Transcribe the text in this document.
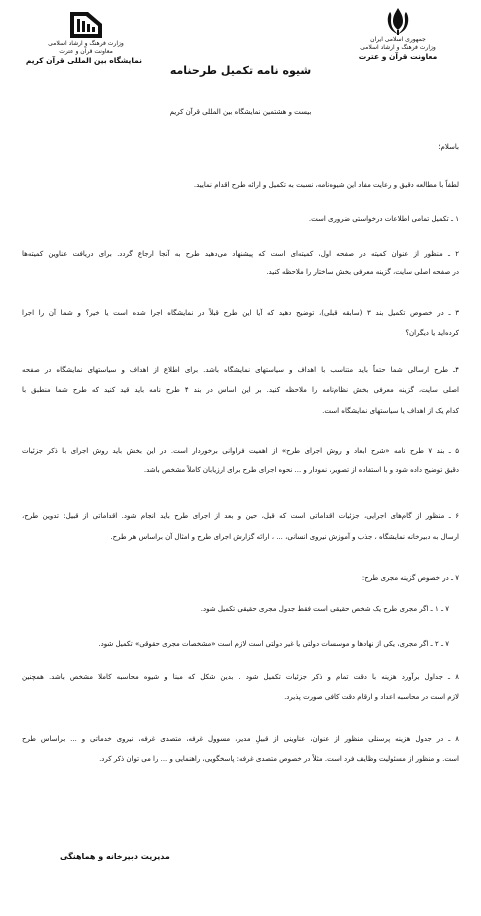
جمهوری اسلامی ایران
وزارت فرهنگ و ارشاد اسلامی
معاونت قرآن و عترت
وزارت فرهنگ و ارشاد اسلامی
معاونت قرآن و عترت
نمایشگاه بین المللی قرآن کریم
شیوه نامه تکمیل طرحنامه
بیست و هشتمین نمایشگاه بین المللی قرآن کریم
باسلام؛
لطفاً با مطالعه دقیق و رعایت مفاد این شیوه‌نامه، نسبت به تکمیل و ارائه طرح اقدام نمایید.
۱ ـ تکمیل تمامی اطلاعات درخواستی ضروری است.
۲ ـ منظور از عنوان کمیته در صفحه اول، کمیته‌ای است که پیشنهاد می‌دهید طرح به آنجا ارجاع گردد. برای دریافت عناوین کمیته‌ها
در صفحه اصلی سایت، گزینه معرفی بخش ساختار را ملاحظه کنید.
۳ ـ در خصوص تکمیل بند ۳ (سابقه قبلی)، توضیح دهید که آیا این طرح قبلاً در نمایشگاه اجرا شده است یا خیر؟ و شما آن را اجرا
کرده‌اید یا دیگران؟
۴ـ طرح ارسالی شما حتماً باید متناسب با اهداف و سیاستهای نمایشگاه باشد. برای اطلاع از اهداف و سیاستهای نمایشگاه در صفحه
اصلی سایت، گزینه معرفی بخش نظام‌نامه را ملاحظه کنید. بر این اساس در بند ۴ طرح نامه باید قید کنید که طرح شما منطبق با
کدام یک از اهداف یا سیاستهای نمایشگاه است.
۵ ـ بند ۷ طرح نامه «شرح ابعاد و روش اجرای طرح» از اهمیت فراوانی برخوردار است. در این بخش باید روش اجرای با ذکر جزئیات
دقیق توضیح داده شود و با استفاده از تصویر، نمودار و ... نحوه اجرای طرح برای ارزیابان کاملاً مشخص باشد.
۶ ـ منظور از گام‌های اجرایی، جزئیات اقداماتی است که قبل، حین و بعد از اجرای طرح باید انجام شود. اقداماتی از قبیل: تدوین طرح،
ارسال به دبیرخانه نمایشگاه ، جذب و آموزش نیروی انسانی، ... ، ارائه گزارش اجرای طرح و امثال آن براساس هر طرح.
۷ ـ در خصوص گزینه مجری طرح:
۷ ـ ۱ ـ اگر مجری طرح یک شخص حقیقی است فقط جدول مجری حقیقی تکمیل شود.
۷ ـ ۲ ـ اگر مجری، یکی از نهادها و موسسات دولتی یا غیر دولتی است لازم است «مشخصات مجری حقوقی» تکمیل شود.
۸ ـ جداول برآورد هزینه با دقت تمام و ذکر جزئیات تکمیل شود . بدین شکل که مبنا و شیوه محاسبه کاملا مشخص باشد. همچنین
لازم است در محاسبه اعداد و ارقام دقت کافی صورت پذیرد.
۸ ـ در جدول هزینه پرسنلی منظور از عنوان، عناوینی از قبیلِ مدیر، مسوول غرفه، متصدی غرفه، نیروی خدماتی و ... براساس طرح
است. و منظور از مسئولیت وظایف فرد است. مثلاً در خصوص متصدی غرفه: پاسخگویی، راهنمایی و ... را می توان ذکر کرد.
مدیریت دبیرخانه و هماهنگی
